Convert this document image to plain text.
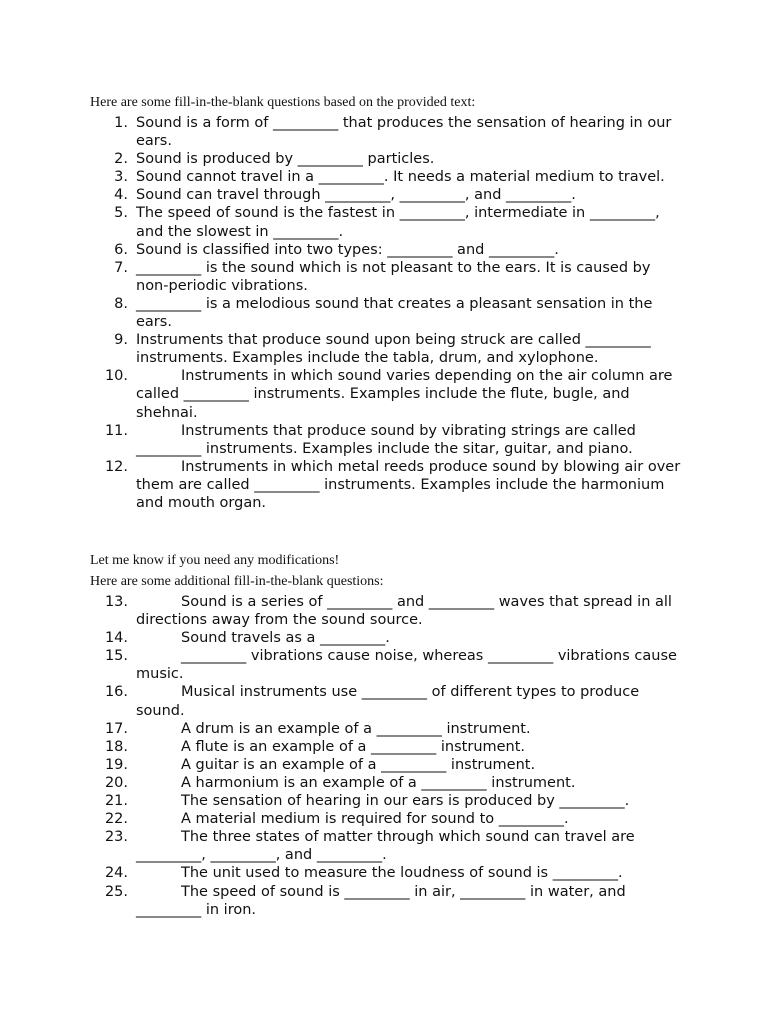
Here are some fill-in-the-blank questions based on the provided text:
1. Sound is a form of _________ that produces the sensation of hearing in our ears.
2. Sound is produced by _________ particles.
3. Sound cannot travel in a _________. It needs a material medium to travel.
4. Sound can travel through _________, _________, and _________.
5. The speed of sound is the fastest in _________, intermediate in _________, and the slowest in _________.
6. Sound is classified into two types: _________ and _________.
7. _________ is the sound which is not pleasant to the ears. It is caused by non-periodic vibrations.
8. _________ is a melodious sound that creates a pleasant sensation in the ears.
9. Instruments that produce sound upon being struck are called _________ instruments. Examples include the tabla, drum, and xylophone.
10.	Instruments in which sound varies depending on the air column are called _________ instruments. Examples include the flute, bugle, and shehnai.
11.	Instruments that produce sound by vibrating strings are called _________ instruments. Examples include the sitar, guitar, and piano.
12.	Instruments in which metal reeds produce sound by blowing air over them are called _________ instruments. Examples include the harmonium and mouth organ.
Let me know if you need any modifications!
Here are some additional fill-in-the-blank questions:
13.	Sound is a series of _________ and _________ waves that spread in all directions away from the sound source.
14.	Sound travels as a _________.
15.	_________ vibrations cause noise, whereas _________ vibrations cause music.
16.	Musical instruments use _________ of different types to produce sound.
17.	A drum is an example of a _________ instrument.
18.	A flute is an example of a _________ instrument.
19.	A guitar is an example of a _________ instrument.
20.	A harmonium is an example of a _________ instrument.
21.	The sensation of hearing in our ears is produced by _________.
22.	A material medium is required for sound to _________.
23.	The three states of matter through which sound can travel are _________, _________, and _________.
24.	The unit used to measure the loudness of sound is _________.
25.	The speed of sound is _________ in air, _________ in water, and _________ in iron.
